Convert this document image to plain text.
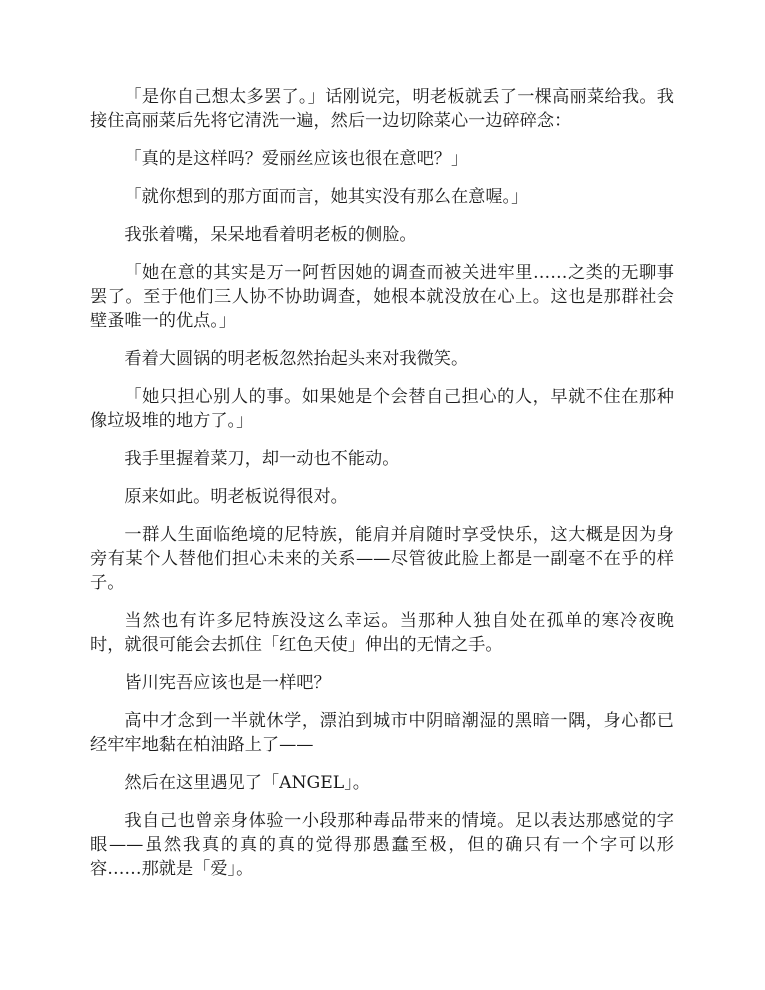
「是你自己想太多罢了。」话刚说完，明老板就丢了一棵高丽菜给我。我接住高丽菜后先将它清洗一遍，然后一边切除菜心一边碎碎念：

「真的是这样吗？爱丽丝应该也很在意吧？」

「就你想到的那方面而言，她其实没有那么在意喔。」

我张着嘴，呆呆地看着明老板的侧脸。

「她在意的其实是万一阿哲因她的调查而被关进牢里……之类的无聊事罢了。至于他们三人协不协助调查，她根本就没放在心上。这也是那群社会壁蚤唯一的优点。」

看着大圆锅的明老板忽然抬起头来对我微笑。

「她只担心别人的事。如果她是个会替自己担心的人，早就不住在那种像垃圾堆的地方了。」

我手里握着菜刀，却一动也不能动。

原来如此。明老板说得很对。

一群人生面临绝境的尼特族，能肩并肩随时享受快乐，这大概是因为身旁有某个人替他们担心未来的关系——尽管彼此脸上都是一副毫不在乎的样子。

当然也有许多尼特族没这么幸运。当那种人独自处在孤单的寒冷夜晚时，就很可能会去抓住「红色天使」伸出的无情之手。

皆川宪吾应该也是一样吧？

高中才念到一半就休学，漂泊到城市中阴暗潮湿的黑暗一隅，身心都已经牢牢地黏在柏油路上了——

然后在这里遇见了「ANGEL」。

我自己也曾亲身体验一小段那种毒品带来的情境。足以表达那感觉的字眼——虽然我真的真的真的觉得那愚蠢至极，但的确只有一个字可以形容……那就是「爱」。
